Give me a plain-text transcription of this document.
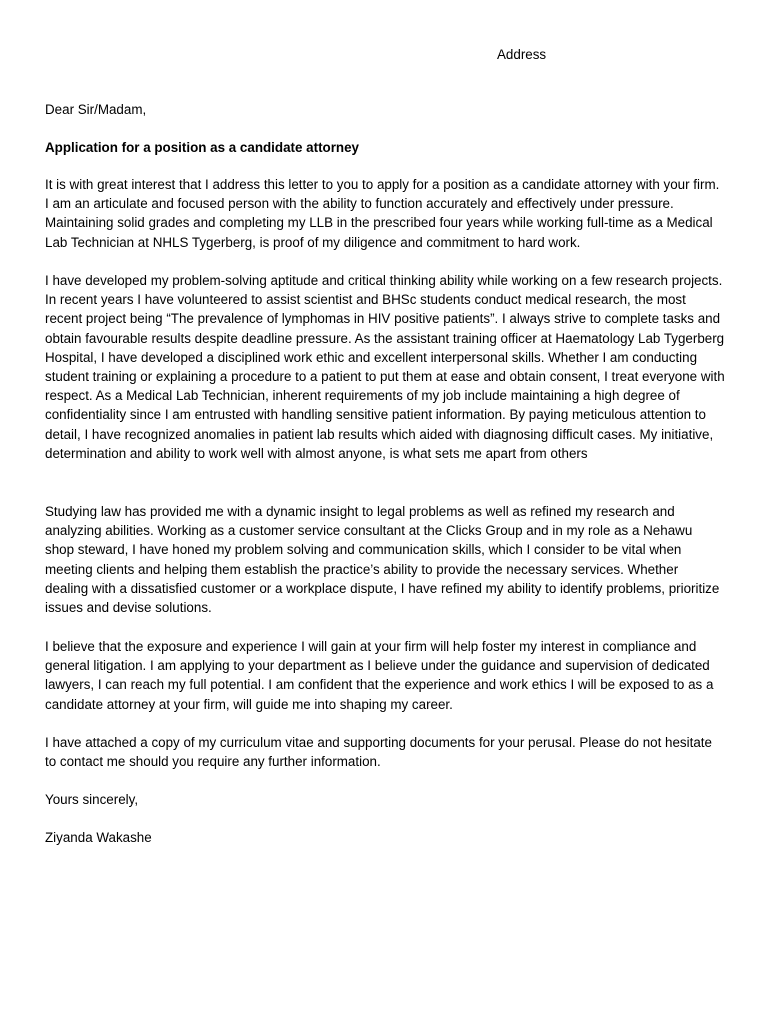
Address
Dear Sir/Madam,
Application for a position as a candidate attorney

It is with great interest that I address this letter to you to apply for a position as a candidate attorney with your firm. I am an articulate and focused person with the ability to function accurately and effectively under pressure. Maintaining solid grades and completing my LLB in the prescribed four years while working full-time as a Medical Lab Technician at NHLS Tygerberg, is proof of my diligence and commitment to hard work.

I have developed my problem-solving aptitude and critical thinking ability while working on a few research projects. In recent years I have volunteered to assist scientist and BHSc students conduct medical research, the most recent project being “The prevalence of lymphomas in HIV positive patients”. I always strive to complete tasks and obtain favourable results despite deadline pressure. As the assistant training officer at Haematology Lab Tygerberg Hospital, I have developed a disciplined work ethic and excellent interpersonal skills. Whether I am conducting student training or explaining a procedure to a patient to put them at ease and obtain consent, I treat everyone with respect. As a Medical Lab Technician, inherent requirements of my job include maintaining a high degree of confidentiality since I am entrusted with handling sensitive patient information. By paying meticulous attention to detail, I have recognized anomalies in patient lab results which aided with diagnosing difficult cases. My initiative, determination and ability to work well with almost anyone, is what sets me apart from others

Studying law has provided me with a dynamic insight to legal problems as well as refined my research and analyzing abilities. Working as a customer service consultant at the Clicks Group and in my role as a Nehawu shop steward, I have honed my problem solving and communication skills, which I consider to be vital when meeting clients and helping them establish the practice’s ability to provide the necessary services. Whether dealing with a dissatisfied customer or a workplace dispute, I have refined my ability to identify problems, prioritize issues and devise solutions.

I believe that the exposure and experience I will gain at your firm will help foster my interest in compliance and general litigation. I am applying to your department as I believe under the guidance and supervision of dedicated lawyers, I can reach my full potential. I am confident that the experience and work ethics I will be exposed to as a candidate attorney at your firm, will guide me into shaping my career.

I have attached a copy of my curriculum vitae and supporting documents for your perusal. Please do not hesitate to contact me should you require any further information.

Yours sincerely,
Ziyanda Wakashe
